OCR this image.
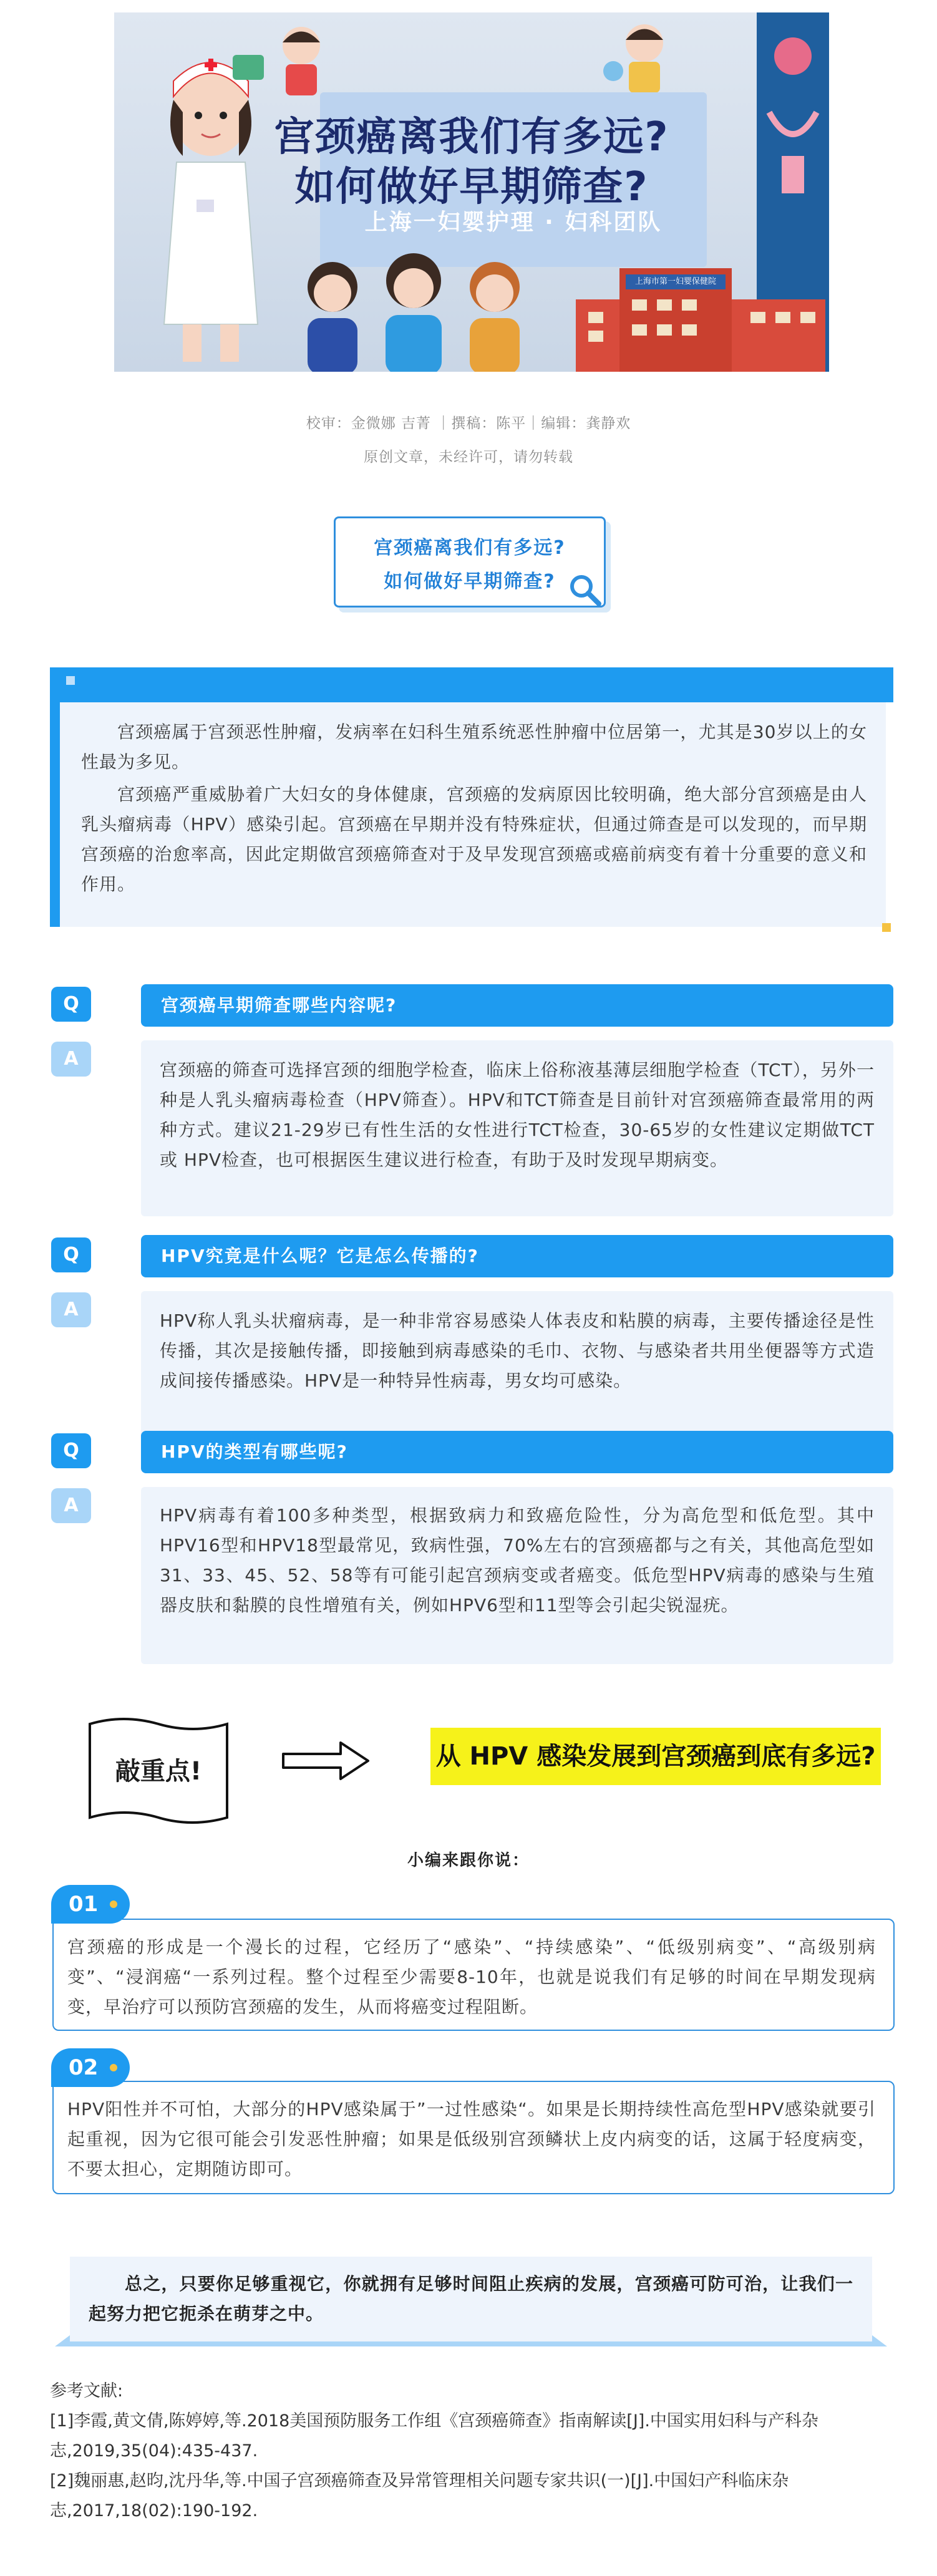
宫颈癌离我们有多远?
如何做好早期筛查?
上海一妇婴护理 · 妇科团队
上海市第一妇婴保健院
校审：金微娜 吉菁 ｜撰稿：陈平｜编辑：龚静欢
原创文章，未经许可，请勿转载
宫颈癌离我们有多远?
如何做好早期筛查?
宫颈癌属于宫颈恶性肿瘤，发病率在妇科生殖系统恶性肿瘤中位居第一，尤其是30岁以上的女性最为多见。
宫颈癌严重威胁着广大妇女的身体健康，宫颈癌的发病原因比较明确，绝大部分宫颈癌是由人乳头瘤病毒（HPV）感染引起。宫颈癌在早期并没有特殊症状，但通过筛查是可以发现的，而早期宫颈癌的治愈率高，因此定期做宫颈癌筛查对于及早发现宫颈癌或癌前病变有着十分重要的意义和作用。
Q	宫颈癌早期筛查哪些内容呢?
A
宫颈癌的筛查可选择宫颈的细胞学检查，临床上俗称液基薄层细胞学检查（TCT），另外一种是人乳头瘤病毒检查（HPV筛查）。HPV和TCT筛查是目前针对宫颈癌筛查最常用的两种方式。建议21-29岁已有性生活的女性进行TCT检查，30-65岁的女性建议定期做TCT或 HPV检查，也可根据医生建议进行检查，有助于及时发现早期病变。
Q	HPV究竟是什么呢？它是怎么传播的?
A
HPV称人乳头状瘤病毒，是一种非常容易感染人体表皮和粘膜的病毒，主要传播途径是性传播，其次是接触传播，即接触到病毒感染的毛巾、衣物、与感染者共用坐便器等方式造成间接传播感染。HPV是一种特异性病毒，男女均可感染。
Q	HPV的类型有哪些呢?
A	HPV病毒有着100多种类型，根据致病力和致癌危险性，分为高危型和低危型。其中HPV16型和HPV18型最常见，致病性强，70%左右的宫颈癌都与之有关，其他高危型如31、33、45、52、58等有可能引起宫颈病变或者癌变。低危型HPV病毒的感染与生殖器皮肤和黏膜的良性增殖有关，例如HPV6型和11型等会引起尖锐湿疣。
敲重点!
从 HPV 感染发展到宫颈癌到底有多远?
小编来跟你说：
宫颈癌的形成是一个漫长的过程，它经历了“感染”、“持续感染”、“低级别病变”、“高级别病变”、“浸润癌“一系列过程。整个过程至少需要8-10年，也就是说我们有足够的时间在早期发现病变，早治疗可以预防宫颈癌的发生，从而将癌变过程阻断。
01
HPV阳性并不可怕，大部分的HPV感染属于”一过性感染“。如果是长期持续性高危型HPV感染就要引起重视，因为它很可能会引发恶性肿瘤；如果是低级别宫颈鳞状上皮内病变的话，这属于轻度病变，不要太担心，定期随访即可。
02
总之，只要你足够重视它，你就拥有足够时间阻止疾病的发展，宫颈癌可防可治，让我们一起努力把它扼杀在萌芽之中。

参考文献:

[1]李霞,黄文倩,陈婷婷,等.2018美国预防服务工作组《宫颈癌筛查》指南解读[J].中国实用妇科与产科杂志,2019,35(04):435-437.

[2]魏丽惠,赵昀,沈丹华,等.中国子宫颈癌筛查及异常管理相关问题专家共识(一)[J].中国妇产科临床杂志,2017,18(02):190-192.
